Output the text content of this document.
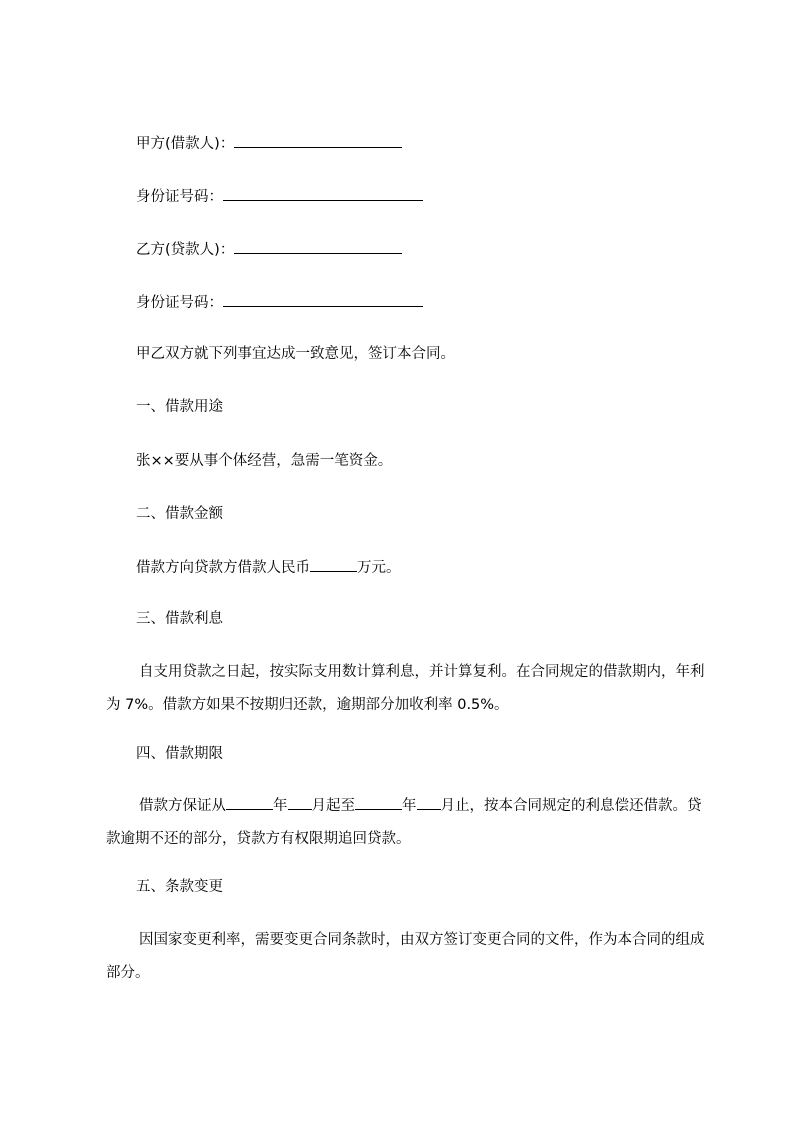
甲方(借款人)：
身份证号码：
乙方(贷款人)：
身份证号码：
甲乙双方就下列事宜达成一致意见，签订本合同。
一、借款用途
张××要从事个体经营，急需一笔资金。
二、借款金额
借款方向贷款方借款人民币	万元。
三、借款利息
自支用贷款之日起，按实际支用数计算利息，并计算复利。在合同规定的借款期内，年利为 7%。借款方如果不按期归还款，逾期部分加收利率 0.5%。
四、借款期限
借款方保证从	年 月起至	年 月止，按本合同规定的利息偿还借款。贷款逾期不还的部分，贷款方有权限期追回贷款。
五、条款变更
因国家变更利率，需要变更合同条款时，由双方签订变更合同的文件，作为本合同的组成部分。
